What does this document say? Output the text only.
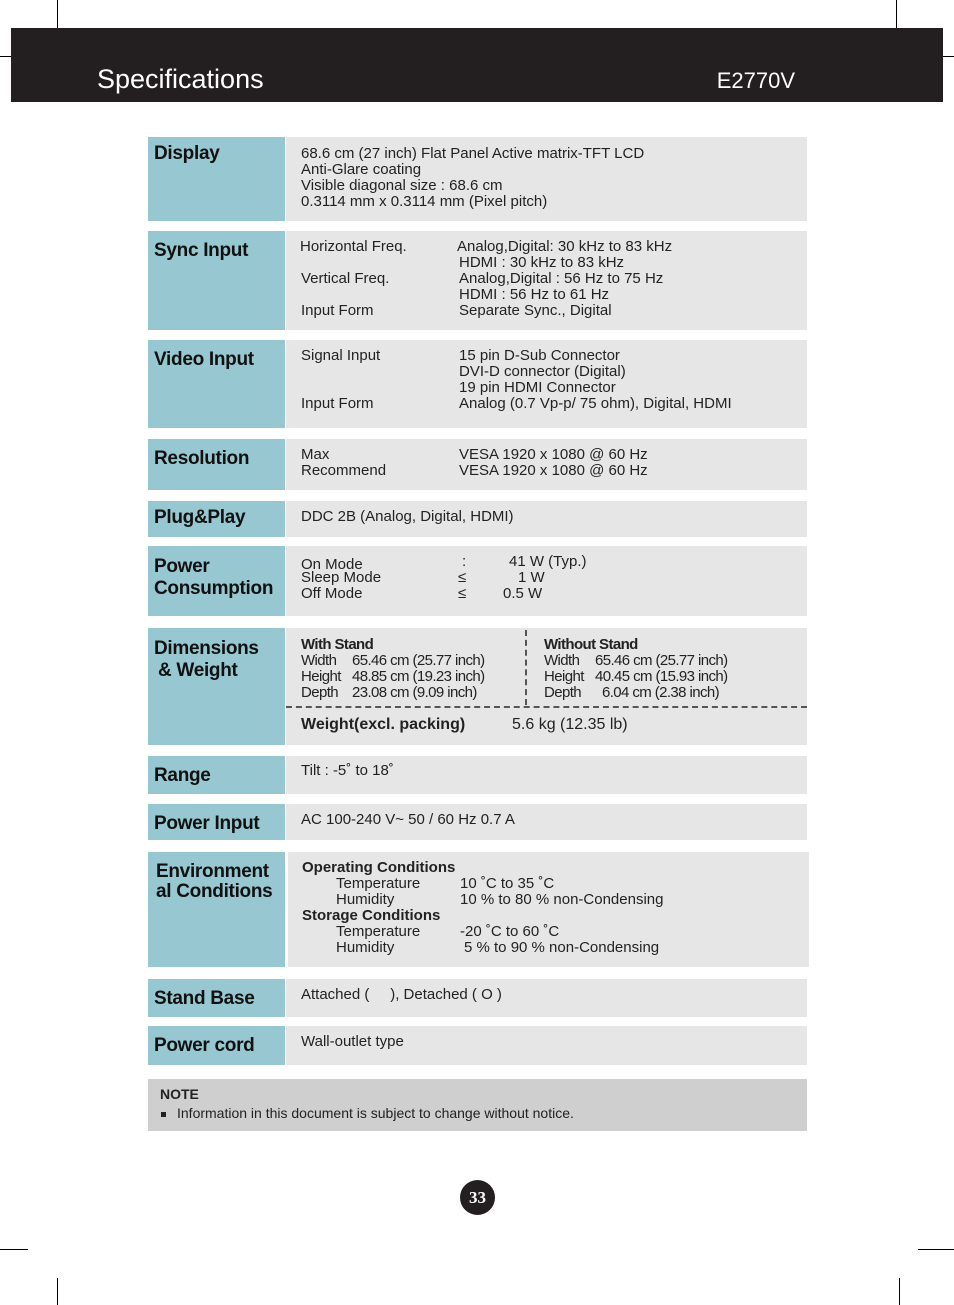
Specifications	E2770V
Display	68.6 cm (27 inch) Flat Panel Active matrix-TFT LCD
Anti-Glare coating
Visible diagonal size : 68.6 cm
0.3114 mm x 0.3114 mm (Pixel pitch)
Sync Input	Horizontal Freq.	Analog,Digital: 30 kHz to 83 kHz
HDMI : 30 kHz to 83 kHz
Vertical Freq.	Analog,Digital : 56 Hz to 75 Hz
HDMI : 56 Hz to 61 Hz
Input Form	Separate Sync., Digital
Video Input	Signal Input	15 pin D-Sub Connector
DVI-D connector (Digital)
19 pin HDMI Connector
Input Form	Analog (0.7 Vp-p/ 75 ohm), Digital, HDMI
Resolution	Max	VESA 1920 x 1080 @ 60 Hz
Recommend	VESA 1920 x 1080 @ 60 Hz
Plug&Play	DDC 2B (Analog, Digital, HDMI)
Power
Consumption
On Mode	:	41 W (Typ.)
Sleep Mode	≤	1 W
Off Mode	≤ 0.5 W
Dimensions
& Weight
With Stand
Width 65.46 cm (25.77 inch)
Height 48.85 cm (19.23 inch)
Depth 23.08 cm (9.09 inch)
Without Stand
Width 65.46 cm (25.77 inch)
Height 40.45 cm (15.93 inch)
Depth 6.04 cm (2.38 inch)
Weight(excl. packing)	5.6 kg (12.35 lb)
Range	Tilt : -5˚ to 18˚
Power Input	AC 100-240 V~ 50 / 60 Hz 0.7 A
Environment
al Conditions
Operating Conditions
Temperature	10 ˚C to 35 ˚C
Humidity	10 % to 80 % non-Condensing
Storage Conditions
Temperature	-20 ˚C to 60 ˚C
Humidity	5 % to 90 % non-Condensing
Stand Base	Attached (     ), Detached ( O )
Power cord	Wall-outlet type
NOTE
Information in this document is subject to change without notice.
33
